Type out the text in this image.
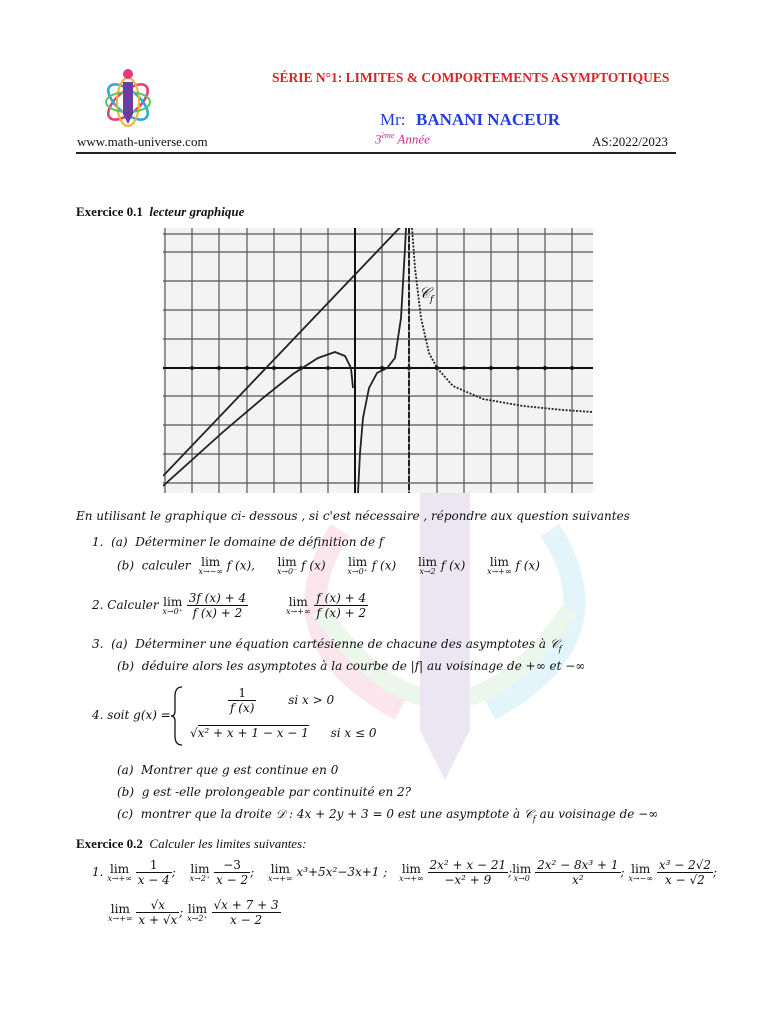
SÉRIE N°1: LIMITES & COMPORTEMENTS ASYMPTOTIQUES
Mr: BANANI NACEUR
www.math-universe.com	3ème Année	AS:2022/2023
Exercice 0.1 lecteur graphique
𝒞$_f$
En utilisant le graphique ci- dessous , si c'est nécessaire , répondre aux question suivantes
1. (a) Déterminer le domaine de définition de f
(b) calculer lim
x→−∞ f (x), lim
x→0⁻ f (x) lim
x→0⁺ f (x) lim
x→2 f (x) lim
x→+∞ f (x)
2. Calculer lim
x→0⁺
$\frac{3f (x) + 4}{f (x) + 2}$
	lim
x→+∞
$\frac{f (x) + 4}{f (x) + 2}$
3. (a) Déterminer une équation cartésienne de chacune des asymptotes à 𝒞$_f$
(b) déduire alors les asymptotes à la courbe de |f| au voisinage de +∞ et −∞
4. soit g(x) =	$\frac{1}{f (x)}$	si x > 0
√x² + x + 1 − x − 1 si x ≤ 0
(a) Montrer que g est continue en 0
(b) g est -elle prolongeable par continuité en 2?
(c) montrer que la droite 𝒟 : 4x + 2y + 3 = 0 est une asymptote à 𝒞$_f$ au voisinage de −∞
Exercice 0.2 Calculer les limites suivantes:
1. lim
x→+∞
$\frac{1}{x - 4}$ ; lim
x→2⁺
$\frac{-3}{x - 2}$ ; lim
x→+∞ x³+5x²−3x+1 ; lim
x→+∞
$\frac{\text{2x² + x − 21}}{\text{−x² + 9}}$ ; lim
x→0
$\frac{\text{2x² − 8x³ + 1}}{\text{x²}}$ ; lim
x→−∞
$\frac{\text{x³ − 2√2}}{x - √2}$ ;
lim
x→+∞
$\frac{√x}{x + √x}$ ; lim
x→2⁺
$\frac{√x + 7 + 3}{x - 2}$
